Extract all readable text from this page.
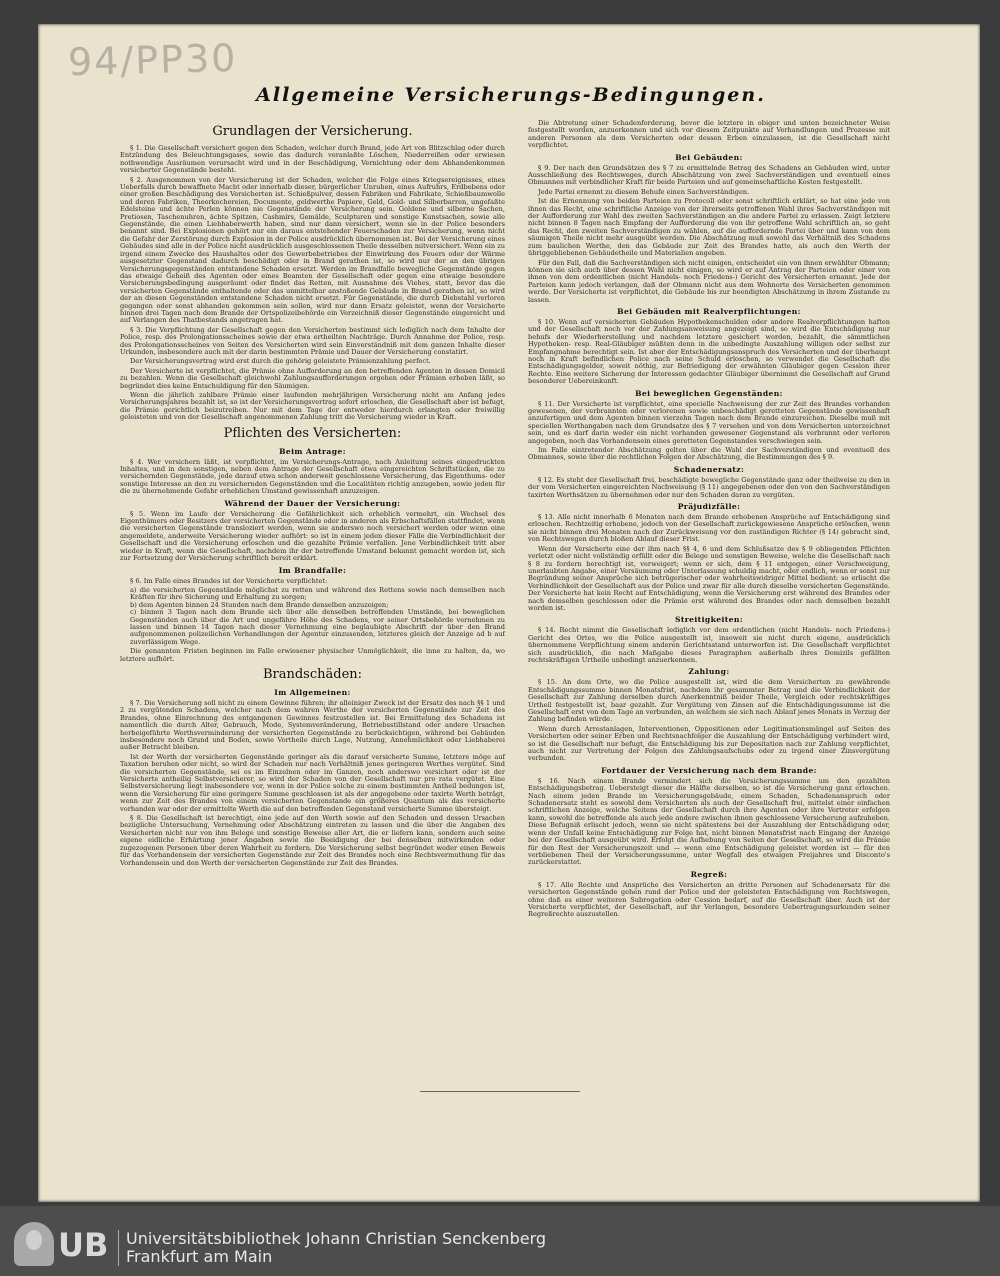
94/PP30
Allgemeine Versicherungs-Bedingungen.
Grundlagen der Versicherung.

§ 1. Die Gesellschaft versichert gegen den Schaden, welcher durch Brand, jede Art von Blitzschlag oder durch Entzündung des Beleuchtungsgases, sowie das dadurch veranlaßte Löschen, Niederreißen oder erwiesen nothwendige Ausräumen verursacht wird und in der Beschädigung, Vernichtung oder dem Abhandenkommen versicherter Gegenstände besteht.

§ 2. Ausgenommen von der Versicherung ist der Schaden, welcher die Folge eines Kriegsereignisses, eines Ueberfalls durch bewaffnete Macht oder innerhalb dieser, bürgerlicher Unruhen, eines Aufruhrs, Erdbebens oder einer großen Beschädigung des Versicherten ist. Schießpulver, dessen Fabriken und Fabrikate, Schießbaumwolle und deren Fabriken, Theerkochereien, Documente, geldwerthe Papiere, Geld, Gold- und Silberbarren, ungefaßte Edelsteine und ächte Perlen können nie Gegenstände der Versicherung sein. Goldene und silberne Sachen, Pretiosen, Taschenuhren, ächte Spitzen, Cashmirs, Gemälde, Sculpturen und sonstige Kunstsachen, sowie alle Gegenstände, die einen Liebhaberwerth haben, sind nur dann versichert, wenn sie in der Police besonders benannt sind. Bei Explosionen gehört nur ein daraus entstehender Feuerschaden zur Versicherung, wenn nicht die Gefahr der Zerstörung durch Explosion in der Police ausdrücklich übernommen ist. Bei der Versicherung eines Gebäudes sind alle in der Police nicht ausdrücklich ausgeschlossenen Theile desselben mitversichert. Wenn ein zu irgend einem Zwecke des Haushaltes oder des Gewerbebetriebes der Einwirkung des Feuers oder der Wärme ausgesetzter Gegenstand dadurch beschädigt oder in Brand gerathen ist, so wird nur der an den übrigen Versicherungsgegenständen entstandene Schaden ersetzt. Werden im Brandfalle bewegliche Gegenstände gegen das etwaige Geheiß des Agenten oder eines Beamten der Gesellschaft oder gegen eine etwaige besondere Versicherungsbedingung ausgeräumt oder findet das Retten, mit Ausnahme des Viehes, statt, bevor das die versicherten Gegenstände enthaltende oder das unmittelbar anstoßende Gebäude in Brand gerathen ist, so wird der an diesen Gegenständen entstandene Schaden nicht ersetzt. Für Gegenstände, die durch Diebstahl verloren gegangen oder sonst abhanden gekommen sein sollen, wird nur dann Ersatz geleistet, wenn der Versicherte binnen drei Tagen nach dem Brande der Ortspolizeibehörde ein Verzeichniß dieser Gegenstände eingereicht und auf Verlangen des Thatbestands angetragen hat.

§ 3. Die Verpflichtung der Gesellschaft gegen den Versicherten bestimmt sich lediglich nach dem Inhalte der Police, resp. des Prolongationsscheines sowie der etwa ertheilten Nachträge. Durch Annahme der Police, resp. des Prolongationsscheines von Seiten des Versicherten wird sein Einverständniß mit dem ganzen Inhalte dieser Urkunden, insbesondere auch mit der darin bestimmten Prämie und Dauer der Versicherung constatirt.

Der Versicherungsvertrag wird erst durch die gehörig geleistete Prämienzahlung perfect.

Der Versicherte ist verpflichtet, die Prämie ohne Aufforderung an den betreffenden Agenten in dessen Domicil zu bezahlen. Wenn die Gesellschaft gleichwohl Zahlungsaufforderungen ergehen oder Prämien erheben läßt, so begründet dies keine Entschuldigung für den Säumigen.

Wenn die jährlich zahlbare Prämie einer laufenden mehrjährigen Versicherung nicht am Anfang jedes Versicherungsjahres bezahlt ist, so ist der Versicherungsvertrag sofort erloschen, die Gesellschaft aber ist befugt, die Prämie gerichtlich beizutreiben. Nur mit dem Tage der entweder hierdurch erlangten oder freiwillig geleisteten und von der Gesellschaft angenommenen Zahlung tritt die Versicherung wieder in Kraft.

Pflichten des Versicherten:
Beim Antrage:

§ 4. Wer versichern läßt, ist verpflichtet, im Versicherungs-Antrage, nach Anleitung seines eingedruckten Inhaltes, und in den sonstigen, neben dem Antrage der Gesellschaft etwa eingereichten Schriftstücken, die zu versichernden Gegenstände, jede darauf etwa schon anderweit geschlossene Versicherung, das Eigenthums- oder sonstige Interesse an den zu versichernden Gegenständen und die Localitäten richtig anzugeben, sowie jeden für die zu übernehmende Gefahr erheblichen Umstand gewissenhaft anzuzeigen.

Während der Dauer der Versicherung:

§ 5. Wenn im Laufe der Versicherung die Gefährlichkeit sich erheblich vermehrt, ein Wechsel des Eigenthümers oder Besitzers der versicherten Gegenstände oder in anderen als Erbschaftsfällen stattfindet, wenn die versicherten Gegenstände transloziert werden, wenn sie anderswo noch versichert werden oder wenn eine angemeldete, anderweite Versicherung wieder aufhört: so ist in einem jeden dieser Fälle die Verbindlichkeit der Gesellschaft und die Versicherung erloschen und die gezahlte Prämie verfallen. Jene Verbindlichkeit tritt aber wieder in Kraft, wenn die Gesellschaft, nachdem ihr der betreffende Umstand bekannt gemacht worden ist, sich zur Fortsetzung der Versicherung schriftlich bereit erklärt.

Im Brandfalle:

§ 6. Im Falle eines Brandes ist der Versicherte verpflichtet:

a) die versicherten Gegenstände möglichst zu retten und während des Rettens sowie nach demselben nach Kräften für ihre Sicherung und Erhaltung zu sorgen;
b) dem Agenten binnen 24 Stunden nach dem Brande denselben anzuzeigen;
c) binnen 3 Tagen nach dem Brande sich über alle denselben betreffenden Umstände, bei beweglichen Gegenständen auch über die Art und ungefähre Höhe des Schadens, vor seiner Ortsbehörde vernehmen zu lassen und binnen 14 Tagen nach dieser Vernehmung eine beglaubigte Abschrift der über den Brand aufgenommenen polizeilichen Verhandlungen der Agentur einzusenden, letzteres gleich der Anzeige ad b auf zuverlässigem Wege.

Die genannten Fristen beginnen im Falle erwiesener physischer Unmöglichkeit, die inne zu halten, da, wo letztere aufhört.

Brandschäden:
Im Allgemeinen:

§ 7. Die Versicherung soll nicht zu einem Gewinne führen; ihr alleiniger Zweck ist der Ersatz des nach §§ 1 und 2 zu vergütenden Schadens, welcher nach dem wahren Werthe der versicherten Gegenstände zur Zeit des Brandes, ohne Einrechnung des entgangenen Gewinnes festzustellen ist. Bei Ermittelung des Schadens ist namentlich die durch Alter, Gebrauch, Mode, Systemveränderung, Betriebsstillstand oder andere Ursachen herbeigeführte Werthsverminderung der versicherten Gegenstände zu berücksichtigen, während bei Gebäuden insbesondere noch Grund und Boden, sowie Vortheile durch Lage, Nutzung, Annehmlichkeit oder Liebhaberei außer Betracht bleiben.

Ist der Werth der versicherten Gegenstände geringer als die darauf versicherte Summe, letztere möge auf Taxation beruhen oder nicht, so wird der Schaden nur nach Verhältniß jenes geringeren Werthes vergütet. Sind die versicherten Gegenstände, sei es im Einzelnen oder im Ganzen, noch anderswo versichert oder ist der Versicherte antheilig Selbstversicherer, so wird der Schaden von der Gesellschaft nur pro rata vergütet. Eine Selbstversicherung liegt insbesondere vor, wenn in der Police solche zu einem bestimmten Antheil bedungen ist, wenn die Versicherung für eine geringere Summe geschlossen ist als der angegebene oder taxirte Werth beträgt, wenn zur Zeit des Brandes von einem versicherten Gegenstande ein größeres Quantum als das versicherte vorhanden war oder der ermittelte Werth die auf den betreffenden Gegenstand versicherte Summe übersteigt.

§ 8. Die Gesellschaft ist berechtigt, eine jede auf den Werth sowie auf den Schaden und dessen Ursachen bezügliche Untersuchung, Vernehmung oder Abschätzung eintreten zu lassen und die über die Angaben des Versicherten nicht nur von ihm Belege und sonstige Beweise aller Art, die er liefern kann, sondern auch seine eigene eidliche Erhärtung jener Angaben sowie die Beeidigung der bei denselben mitwirkenden oder zugezogenen Personen über deren Wahrheit zu fordern. Die Versicherung selbst begründet weder einen Beweis für das Vorhandensein der versicherten Gegenstände zur Zeit des Brandes noch eine Rechtsvermuthung für das Vorhandensein und den Werth der versicherten Gegenstände zur Zeit des Brandes.

Die Abtretung einer Schadenforderung, bevor die letztere in obiger und unten bezeichneter Weise festgestellt worden, anzuerkennen und sich vor diesem Zeitpunkte auf Verhandlungen und Prozesse mit anderen Personen als dem Versicherten oder dessen Erben einzulassen, ist die Gesellschaft nicht verpflichtet.

Bei Gebäuden:

§ 9. Der nach den Grundsätzen des § 7 zu ermittelnde Betrag des Schadens an Gebäuden wird, unter Ausschließung des Rechtsweges, durch Abschätzung von zwei Sachverständigen und eventuell eines Obmannes mit verbindlicher Kraft für beide Parteien und auf gemeinschaftliche Kosten festgestellt.

Jede Partei ernennt zu diesem Behufe einen Sachverständigen.

Ist die Ernennung von beiden Parteien zu Protocoll oder sonst schriftlich erklärt, so hat eine jede von ihnen das Recht, eine schriftliche Anzeige von der ihrerseits getroffenen Wahl ihres Sachverständigen mit der Aufforderung zur Wahl des zweiten Sachverständigen an die andere Partei zu erlassen. Zeigt letztere nicht binnen 8 Tagen nach Empfang der Aufforderung die von ihr getroffene Wahl schriftlich an, so geht das Recht, den zweiten Sachverständigen zu wählen, auf die auffordernde Partei über und kann von dem säumigen Theile nicht mehr ausgeübt werden. Die Abschätzung muß sowohl das Verhältniß des Schadens zum baulichen Werthe, den das Gebäude zur Zeit des Brandes hatte, als auch den Werth der übriggebliebenen Gebäudetheile und Materialien angeben.

Für den Fall, daß die Sachverständigen sich nicht einigen, entscheidet ein von ihnen erwählter Obmann; können sie sich auch über dessen Wahl nicht einigen, so wird er auf Antrag der Parteien oder einer von ihnen von dem ordentlichen (nicht Handels- noch Friedens-) Gericht des Versicherten ernannt. Jede der Parteien kann jedoch verlangen, daß der Obmann nicht aus dem Wohnorte des Versicherten genommen werde. Der Versicherte ist verpflichtet, die Gebäude bis zur beendigten Abschätzung in ihrem Zustande zu lassen.

Bei Gebäuden mit Realverpflichtungen:

§ 10. Wenn auf versicherten Gebäuden Hypothekenschulden oder andere Realverpflichtungen haften und der Gesellschaft noch vor der Zahlungsanweisung angezeigt sind, so wird die Entschädigung nur behufs der Wiederherstellung und nachdem letztere gesichert worden, bezahlt, die sämmtlichen Hypotheken- resp. Real-Gläubiger müßten denn in die unbedingte Auszahlung willigen oder selbst zur Empfangnahme berechtigt sein. Ist aber der Entschädigungsanspruch des Versicherten und der überhaupt noch in Kraft befindlichen Police nach seine Schuld erloschen, so verwendet die Gesellschaft die Entschädigungsgelder, soweit nöthig, zur Befriedigung der erwähnten Gläubiger gegen Cession ihrer Rechte. Eine weitere Sicherung der Interessen gedachter Gläubiger übernimmt die Gesellschaft auf Grund besonderer Uebereinkunft.

Bei beweglichen Gegenständen:

§ 11. Der Versicherte ist verpflichtet, eine specielle Nachweisung der zur Zeit des Brandes vorhanden gewesenen, der verbrannten oder verlorenen sowie unbeschädigt geretteten Gegenstände gewissenhaft anzufertigen und dem Agenten binnen vierzehn Tagen nach dem Brande einzureichen. Dieselbe muß mit speciellen Werthangaben nach dem Grundsatze des § 7 versehen und von dem Versicherten unterzeichnet sein, und es darf darin weder ein nicht vorhanden gewesener Gegenstand als verbrannt oder verloren angegeben, noch das Vorhandensein eines geretteten Gegenstandes verschwiegen sein.

Im Falle eintretender Abschätzung gelten über die Wahl der Sachverständigen und eventuell des Obmannes, sowie über die rechtlichen Folgen der Abschätzung, die Bestimmungen des § 9.

Schadenersatz:

§ 12. Es steht der Gesellschaft frei, beschädigte bewegliche Gegenstände ganz oder theilweise zu den in der vom Versicherten eingereichten Nachweisung (§ 11) angegebenen oder den von den Sachverständigen taxirten Werthsätzen zu übernehmen oder nur den Schaden daran zu vergüten.

Präjudizfälle:

§ 13. Alle nicht innerhalb 6 Monaten nach dem Brande erhobenen Ansprüche auf Entschädigung sind erloschen. Rechtzeitig erhobene, jedoch von der Gesellschaft zurückgewiesene Ansprüche erlöschen, wenn sie nicht binnen drei Monaten nach der Zurückweisung vor den zuständigen Richter (§ 14) gebracht sind, von Rechtswegen durch bloßen Ablauf dieser Frist.

Wenn der Versicherte eine der ihm nach §§ 4, 6 und dem Schlußsatze des § 9 obliegenden Pflichten verletzt oder nicht vollständig erfüllt oder die Belege und sonstigen Beweise, welche die Gesellschaft nach § 8 zu fordern berechtigt ist, verweigert; wenn er sich, dem § 11 entgegen, einer Verschweigung, unerlaubten Angabe, einer Versäumung oder Unterlassung schuldig macht, oder endlich, wenn er sonst zur Begründung seiner Ansprüche sich betrügerischer oder wahrheitswidriger Mittel bedient: so erlischt die Verbindlichkeit der Gesellschaft aus der Police und zwar für alle durch dieselbe versicherten Gegenstände. Der Versicherte hat kein Recht auf Entschädigung, wenn die Versicherung erst während des Brandes oder nach demselben geschlossen oder die Prämie erst während des Brandes oder nach demselben bezahlt worden ist.

Streitigkeiten:

§ 14. Recht nimmt die Gesellschaft lediglich vor dem ordentlichen (nicht Handels- noch Friedens-) Gericht des Ortes, wo die Police ausgestellt ist, insoweit sie nicht durch eigene, ausdrücklich übernommene Verpflichtung einem anderen Gerichtsstand unterworfen ist. Die Gesellschaft verpflichtet sich ausdrücklich, die nach Maßgabe dieses Paragraphen außerhalb ihres Domizils gefällten rechtskräftigen Urtheile unbedingt anzuerkennen.

Zahlung:

§ 15. An dem Orte, wo die Police ausgestellt ist, wird die dem Versicherten zu gewährende Entschädigungssumme binnen Monatsfrist, nachdem ihr gesammter Betrag und die Verbindlichkeit der Gesellschaft zur Zahlung derselben durch Anerkenntniß beider Theile, Vergleich oder rechtskräftiges Urtheil festgestellt ist, baar gezahlt. Zur Vergütung von Zinsen auf die Entschädigungssumme ist die Gesellschaft erst von dem Tage an verbunden, an welchem sie sich nach Ablauf jenes Monats in Verzug der Zahlung befinden würde.

Wenn durch Arrestanlagen, Interventionen, Oppositionen oder Legitimationsmängel auf Seiten des Versicherten oder seiner Erben und Rechtsnachfolger die Auszahlung der Entschädigung verhindert wird, so ist die Gesellschaft nur befugt, die Entschädigung bis zur Depositation nach zur Zahlung verpflichtet, auch nicht zur Vertretung der Folgen des Zahlungsaufschubs oder zu irgend einer Zinsvergütung verbunden.

Fortdauer der Versicherung nach dem Brande:

§ 16. Nach einem Brande vermindert sich die Versicherungssumme um den gezahlten Entschädigungsbetrag. Uebersteigt dieser die Hälfte derselben, so ist die Versicherung ganz erloschen. Nach einem jeden Brande im Versicherungsgebäude, einem Schaden, Schadenanspruch oder Schadenersatz steht es sowohl dem Versicherten als auch der Gesellschaft frei, mittelst einer einfachen schriftlichen Anzeige, welche Seitens der Gesellschaft durch ihre Agenten oder ihre Vertreter erfolgen kann, sowohl die betreffende als auch jede andere zwischen ihnen geschlossene Versicherung aufzuheben. Diese Befugniß erlischt jedoch, wenn sie nicht spätestens bei der Auszahlung der Entschädigung oder, wenn der Unfall keine Entschädigung zur Folge hat, nicht binnen Monatsfrist nach Eingang der Anzeige bei der Gesellschaft ausgeübt wird. Erfolgt die Aufhebung von Seiten der Gesellschaft, so wird die Prämie für den Rest der Versicherungszeit und — wenn eine Entschädigung geleistet worden ist — für den verbliebenen Theil der Versicherungssumme, unter Wegfall des etwaigen Freijahres und Disconto's zurückerstattet.

Regreß:

§ 17. Alle Rechte und Ansprüche des Versicherten an dritte Personen auf Schadenersatz für die versicherten Gegenstände gehen rund der Police und der geleisteten Entschädigung von Rechtswegen, ohne daß es einer weiteren Subrogation oder Cession bedarf, auf die Gesellschaft über. Auch ist der Versicherte verpflichtet, der Gesellschaft, auf ihr Verlangen, besondere Uebertragungsurkunden seiner Regreßrechte auszustellen.

UB Universitätsbibliothek Johann Christian Senckenberg
Frankfurt am Main
